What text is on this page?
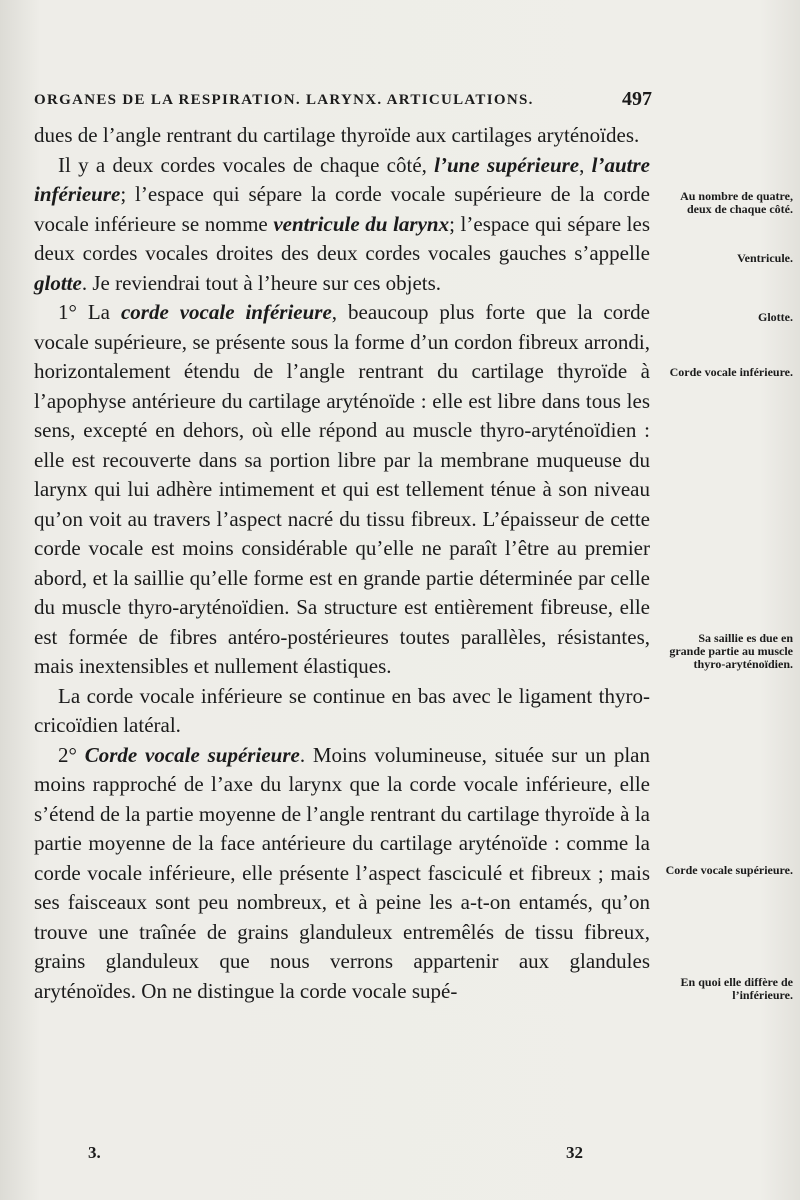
ORGANES DE LA RESPIRATION. LARYNX. ARTICULATIONS.	497

dues de l’angle rentrant du cartilage thyroïde aux cartilages aryténoïdes.

Il y a deux cordes vocales de chaque côté, l’une supérieure, l’autre inférieure; l’espace qui sépare la corde vocale supérieure de la corde vocale inférieure se nomme ventricule du larynx; l’espace qui sépare les deux cordes vocales droites des deux cordes vocales gauches s’appelle glotte. Je reviendrai tout à l’heure sur ces objets.

1° La corde vocale inférieure, beaucoup plus forte que la corde vocale supérieure, se présente sous la forme d’un cordon fibreux arrondi, horizontalement étendu de l’angle rentrant du cartilage thyroïde à l’apophyse antérieure du cartilage aryténoïde : elle est libre dans tous les sens, excepté en dehors, où elle répond au muscle thyro-aryténoïdien : elle est recouverte dans sa portion libre par la membrane muqueuse du larynx qui lui adhère intimement et qui est tellement ténue à son niveau qu’on voit au travers l’aspect nacré du tissu fibreux. L’épaisseur de cette corde vocale est moins considérable qu’elle ne paraît l’être au premier abord, et la saillie qu’elle forme est en grande partie déterminée par celle du muscle thyro-aryténoïdien. Sa structure est entièrement fibreuse, elle est formée de fibres antéro-postérieures toutes parallèles, résistantes, mais inextensibles et nullement élastiques.

La corde vocale inférieure se continue en bas avec le ligament thyro-cricoïdien latéral.

2° Corde vocale supérieure. Moins volumineuse, située sur un plan moins rapproché de l’axe du larynx que la corde vocale inférieure, elle s’étend de la partie moyenne de l’angle rentrant du cartilage thyroïde à la partie moyenne de la face antérieure du cartilage aryténoïde : comme la corde vocale inférieure, elle présente l’aspect fasciculé et fibreux ; mais ses faisceaux sont peu nombreux, et à peine les a-t-on entamés, qu’on trouve une traînée de grains glanduleux entremêlés de tissu fibreux, grains glanduleux que nous verrons appartenir aux glandules aryténoïdes. On ne distingue la corde vocale supé-

Au nombre de quatre, deux de chaque côté.
Ventricule.
Glotte.
Corde vocale inférieure.
Sa saillie es due en grande partie au muscle thyro-aryténoïdien.
Corde vocale supérieure.
En quoi elle diffère de l’inférieure.
3.	32
